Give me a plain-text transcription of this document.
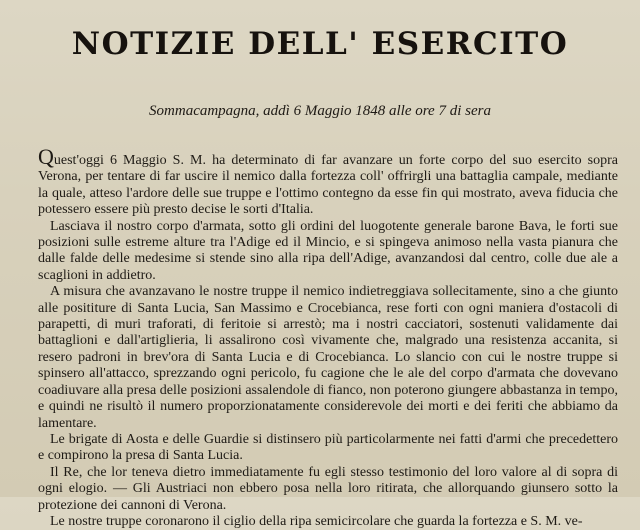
NOTIZIE DELL' ESERCITO
Sommacampagna, addì 6 Maggio 1848 alle ore 7 di sera

Quest'oggi 6 Maggio S. M. ha determinato di far avanzare un forte corpo del suo esercito sopra Verona, per tentare di far uscire il nemico dalla fortezza coll' offrirgli una battaglia campale, mediante la quale, atteso l'ardore delle sue truppe e l'ottimo contegno da esse fin qui mostrato, aveva fiducia che potessero essere più presto decise le sorti d'Italia.

Lasciava il nostro corpo d'armata, sotto gli ordini del luogotente generale barone Bava, le forti sue posizioni sulle estreme alture tra l'Adige ed il Mincio, e si spingeva animoso nella vasta pianura che dalle falde delle medesime si stende sino alla ripa dell'Adige, avanzandosi dal centro, colle due ale a scaglioni in addietro.

A misura che avanzavano le nostre truppe il nemico indietreggiava sollecitamente, sino a che giunto alle posititure di Santa Lucia, San Massimo e Crocebianca, rese forti con ogni maniera d'ostacoli di parapetti, di muri traforati, di feritoie si arrestò; ma i nostri cacciatori, sostenuti validamente dai battaglioni e dall'artiglieria, li assalirono così vivamente che, malgrado una resistenza accanita, si resero padroni in brev'ora di Santa Lucia e di Crocebianca. Lo slancio con cui le nostre truppe si spinsero all'attacco, sprezzando ogni pericolo, fu cagione che le ale del corpo d'armata che dovevano coadiuvare alla presa delle posizioni assalendole di fianco, non poterono giungere abbastanza in tempo, e quindi ne risultò il numero proporzionatamente considerevole dei morti e dei feriti che abbiamo da lamentare.

Le brigate di Aosta e delle Guardie si distinsero più particolarmente nei fatti d'armi che precedettero e compirono la presa di Santa Lucia.

Il Re, che lor teneva dietro immediatamente fu egli stesso testimonio del loro valore al di sopra di ogni elogio. — Gli Austriaci non ebbero posa nella loro ritirata, che allorquando giunsero sotto la protezione dei cannoni di Verona.

Le nostre truppe coronarono il ciglio della ripa semicircolare che guarda la fortezza e S. M. ve-
